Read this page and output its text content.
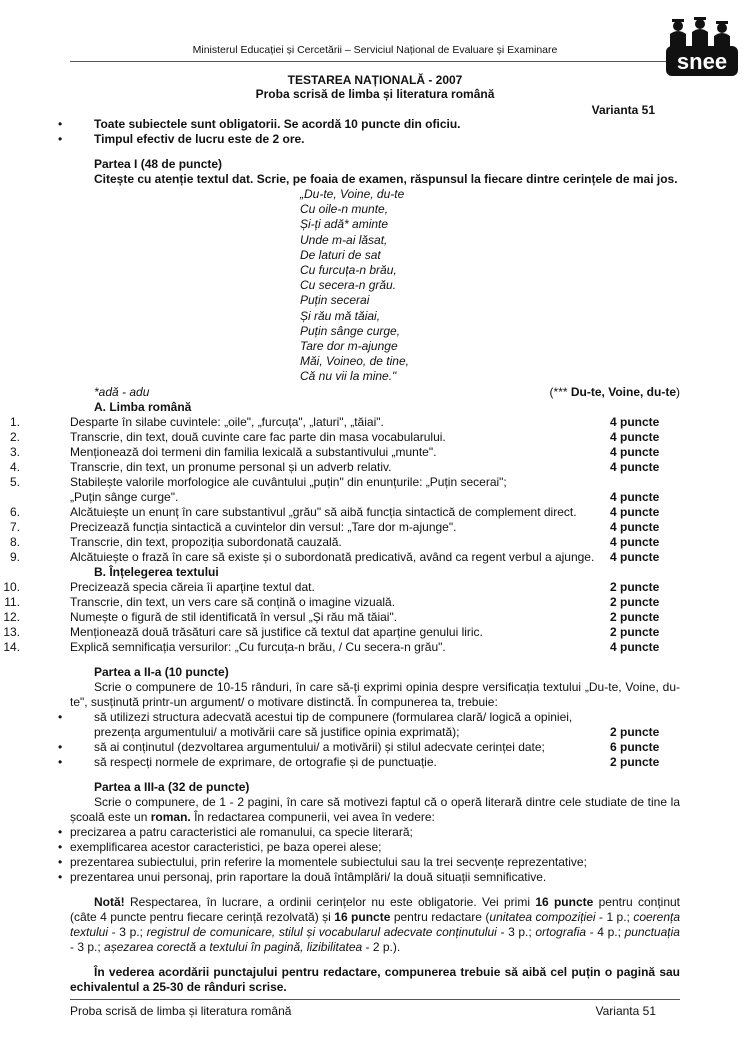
Ministerul Educației și Cercetării – Serviciul Național de Evaluare și Examinare	snee
TESTAREA NAȚIONALĂ - 2007
Proba scrisă de limba și literatura română
Varianta 51
• Toate subiectele sunt obligatorii. Se acordă 10 puncte din oficiu.
• Timpul efectiv de lucru este de 2 ore.
Partea I (48 de puncte)
Citește cu atenție textul dat. Scrie, pe foaia de examen, răspunsul la fiecare dintre cerințele de mai jos.
„Du-te, Voine, du-te
Cu oile-n munte,
Și-ți adă* aminte
Unde m-ai lăsat,
De laturi de sat
Cu furcuța-n brău,
Cu secera-n grău.
Puțin secerai
Și rău mă tăiai,
Puțin sânge curge,
Tare dor m-ajunge
Măi, Voineo, de tine,
Că nu vii la mine."
*adă - adu	(*** Du-te, Voine, du-te)
A. Limba română
1.	Desparte în silabe cuvintele: „oile", „furcuța", „laturi", „tăiai".	4 puncte
2.	Transcrie, din text, două cuvinte care fac parte din masa vocabularului.	4 puncte
3.	Menționează doi termeni din familia lexicală a substantivului „munte".	4 puncte
4.	Transcrie, din text, un pronume personal și un adverb relativ.	4 puncte
5.	Stabilește valorile morfologice ale cuvântului „puțin" din enunțurile: „Puțin secerai";
„Puțin sânge curge".	4 puncte
6.	Alcătuiește un enunț în care substantivul „grău" să aibă funcția sintactică de complement direct.	4 puncte
7.	Precizează funcția sintactică a cuvintelor din versul: „Tare dor m-ajunge".	4 puncte
8.	Transcrie, din text, propoziția subordonată cauzală.	4 puncte
9.	Alcătuiește o frază în care să existe și o subordonată predicativă, având ca regent verbul a ajunge.	4 puncte
B. Înțelegerea textului
10.	Precizează specia căreia îi aparține textul dat.	2 puncte
11.	Transcrie, din text, un vers care să conțină o imagine vizuală.	2 puncte
12.	Numește o figură de stil identificată în versul „Și rău mă tăiai".	2 puncte
13.	Menționează două trăsături care să justifice că textul dat aparține genului liric.	2 puncte
14.	Explică semnificația versurilor: „Cu furcuța-n brău, / Cu secera-n grău".	4 puncte
Partea a II-a (10 puncte)
Scrie o compunere de 10-15 rânduri, în care să-ți exprimi opinia despre versificația textului „Du-te, Voine, du-te", susținută printr-un argument/ o motivare distinctă. În compunerea ta, trebuie:
• să utilizezi structura adecvată acestui tip de compunere (formularea clară/ logică a opiniei,
prezența argumentului/ a motivării care să justifice opinia exprimată);	2 puncte
• să ai conținutul (dezvoltarea argumentului/ a motivării) și stilul adecvate cerinței date;	6 puncte
• să respecți normele de exprimare, de ortografie și de punctuație.	2 puncte
Partea a III-a (32 de puncte)
Scrie o compunere, de 1 - 2 pagini, în care să motivezi faptul că o operă literară dintre cele studiate de tine la școală este un roman. În redactarea compunerii, vei avea în vedere:
• precizarea a patru caracteristici ale romanului, ca specie literară;
• exemplificarea acestor caracteristici, pe baza operei alese;
• prezentarea subiectului, prin referire la momentele subiectului sau la trei secvențe reprezentative;
• prezentarea unui personaj, prin raportare la două întâmplări/ la două situații semnificative.
Notă! Respectarea, în lucrare, a ordinii cerințelor nu este obligatorie. Vei primi 16 puncte pentru conținut (câte 4 puncte pentru fiecare cerință rezolvată) și 16 puncte pentru redactare (unitatea compoziției - 1 p.; coerența textului - 3 p.; registrul de comunicare, stilul și vocabularul adecvate conținutului - 3 p.; ortografia - 4 p.; punctuația - 3 p.; așezarea corectă a textului în pagină, lizibilitatea - 2 p.).
În vederea acordării punctajului pentru redactare, compunerea trebuie să aibă cel puțin o pagină sau echivalentul a 25-30 de rânduri scrise.
Proba scrisă de limba și literatura română	Varianta 51
